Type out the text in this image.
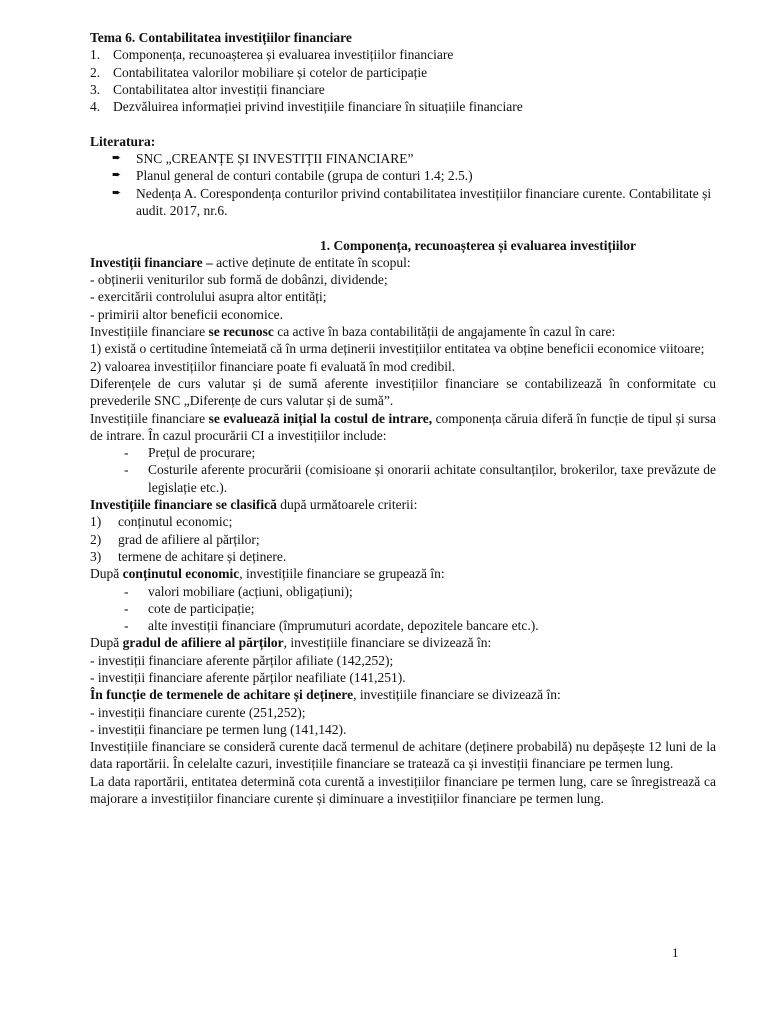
Tema 6. Contabilitatea investițiilor financiare

1. Componența, recunoașterea și evaluarea investițiilor financiare
2. Contabilitatea valorilor mobiliare și cotelor de participație
3. Contabilitatea altor investiții financiare
4. Dezvăluirea informației privind investițiile financiare în situațiile financiare

Literatura:

➨	SNC „CREANȚE ȘI INVESTIȚII FINANCIARE”
➨	Planul general de conturi contabile (grupa de conturi 1.4; 2.5.)
➨	Nedența A. Corespondența conturilor privind contabilitatea investițiilor financiare curente. Contabilitate și audit. 2017, nr.6.

1. Componența, recunoașterea și evaluarea investițiilor

Investiții financiare – active deținute de entitate în scopul:

- obținerii veniturilor sub formă de dobânzi, dividende;

- exercitării controlului asupra altor entități;

- primirii altor beneficii economice.

Investițiile financiare se recunosc ca active în baza contabilității de angajamente în cazul în care:

1) există o certitudine întemeiată că în urma deținerii investițiilor entitatea va obține beneficii economice viitoare;

2) valoarea investițiilor financiare poate fi evaluată în mod credibil.

Diferențele de curs valutar și de sumă aferente investițiilor financiare se contabilizează în conformitate cu prevederile SNC „Diferențe de curs valutar și de sumă”.

Investițiile financiare se evaluează inițial la costul de intrare, componența căruia diferă în funcție de tipul și sursa de intrare. În cazul procurării CI a investițiilor include:

-	Prețul de procurare;
-	Costurile aferente procurării (comisioane și onorarii achitate consultanților, brokerilor, taxe prevăzute de legislație etc.).

Investițiile financiare se clasifică după următoarele criterii:

1)	conținutul economic;
2)	grad de afiliere al părților;
3)	termene de achitare și deținere.

După conținutul economic, investițiile financiare se grupează în:

-	valori mobiliare (acțiuni, obligațiuni);
-	cote de participație;
-	alte investiții financiare (împrumuturi acordate, depozitele bancare etc.).

După gradul de afiliere al părților, investițiile financiare se divizează în:

- investiții financiare aferente părților afiliate (142,252);

- investiții financiare aferente părților neafiliate (141,251).

În funcție de termenele de achitare și deținere, investițiile financiare se divizează în:

- investiții financiare curente (251,252);

- investiții financiare pe termen lung (141,142).

Investițiile financiare se consideră curente dacă termenul de achitare (deținere probabilă) nu depășește 12 luni de la data raportării. În celelalte cazuri, investițiile financiare se tratează ca și investiții financiare pe termen lung.

La data raportării, entitatea determină cota curentă a investițiilor financiare pe termen lung, care se înregistrează ca majorare a investițiilor financiare curente și diminuare a investițiilor financiare pe termen lung.

1
